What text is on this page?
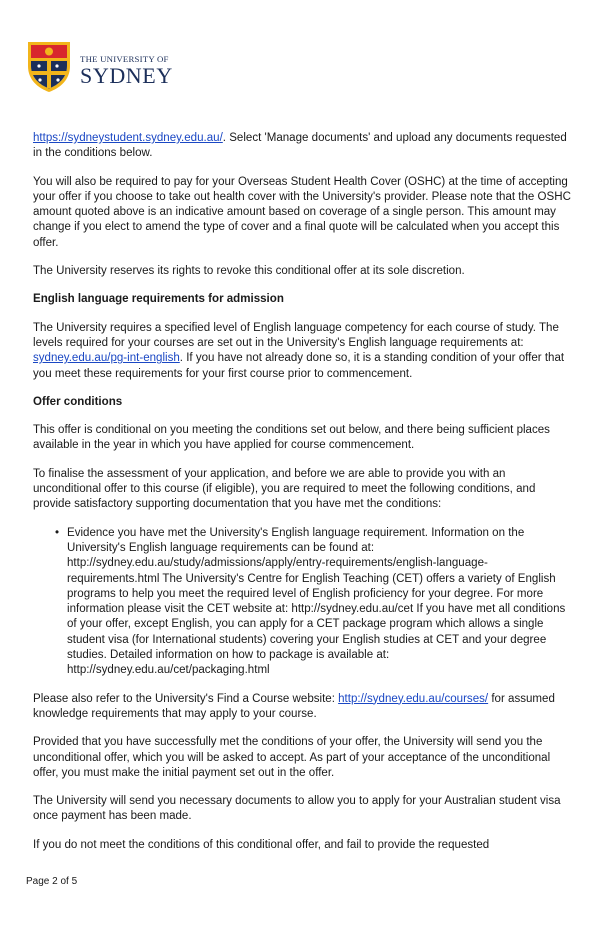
THE UNIVERSITY OF
SYDNEY

https://sydneystudent.sydney.edu.au/. Select 'Manage documents' and upload any documents requested in the conditions below.

You will also be required to pay for your Overseas Student Health Cover (OSHC) at the time of accepting your offer if you choose to take out health cover with the University's provider. Please note that the OSHC amount quoted above is an indicative amount based on coverage of a single person. This amount may change if you elect to amend the type of cover and a final quote will be calculated when you accept this offer.

The University reserves its rights to revoke this conditional offer at its sole discretion.

English language requirements for admission

The University requires a specified level of English language competency for each course of study. The levels required for your courses are set out in the University's English language requirements at: sydney.edu.au/pg-int-english. If you have not already done so, it is a standing condition of your offer that you meet these requirements for your first course prior to commencement.

Offer conditions

This offer is conditional on you meeting the conditions set out below, and there being sufficient places available in the year in which you have applied for course commencement.

To finalise the assessment of your application, and before we are able to provide you with an unconditional offer to this course (if eligible), you are required to meet the following conditions, and provide satisfactory supporting documentation that you have met the conditions:

• Evidence you have met the University's English language requirement. Information on the University's English language requirements can be found at: http://sydney.edu.au/study/admissions/apply/entry-requirements/english-language-requirements.html The University's Centre for English Teaching (CET) offers a variety of English programs to help you meet the required level of English proficiency for your degree. For more information please visit the CET website at: http://sydney.edu.au/cet If you have met all conditions of your offer, except English, you can apply for a CET package program which allows a single student visa (for International students) covering your English studies at CET and your degree studies. Detailed information on how to package is available at: http://sydney.edu.au/cet/packaging.html

Please also refer to the University's Find a Course website: http://sydney.edu.au/courses/ for assumed knowledge requirements that may apply to your course.

Provided that you have successfully met the conditions of your offer, the University will send you the unconditional offer, which you will be asked to accept. As part of your acceptance of the unconditional offer, you must make the initial payment set out in the offer.

The University will send you necessary documents to allow you to apply for your Australian student visa once payment has been made.

If you do not meet the conditions of this conditional offer, and fail to provide the requested

Page 2 of 5
